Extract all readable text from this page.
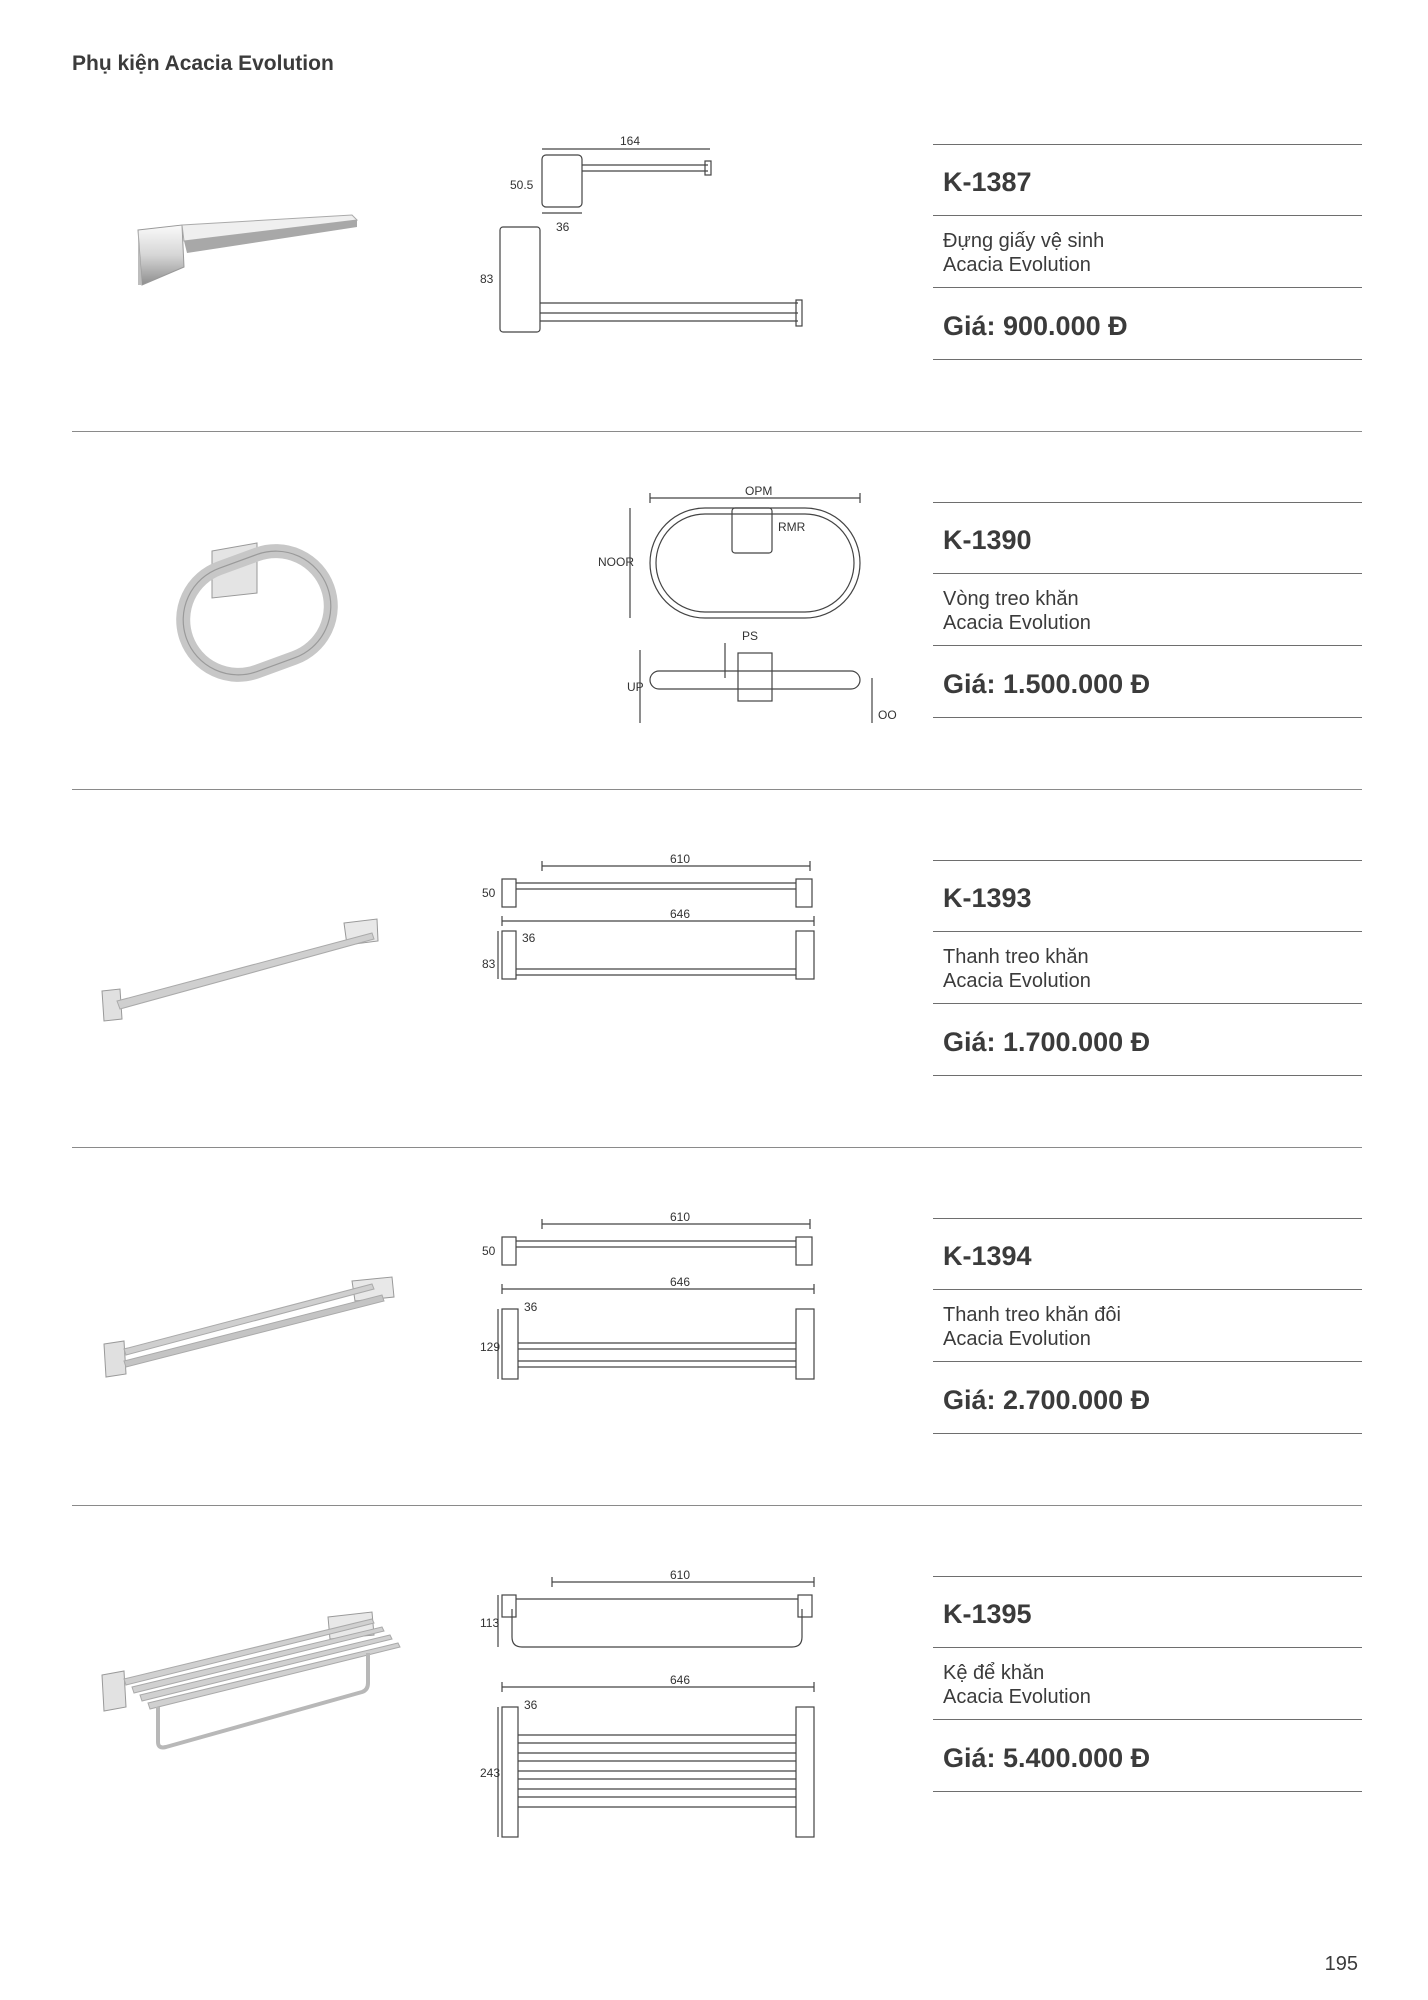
Phụ kiện Acacia Evolution
164
50.5
36
83
K-1387
Đựng giấy vệ sinh
Acacia Evolution
Giá: 900.000 Đ
OPM
RMR
NOOR
PS
UP
OO
K-1390
Vòng treo khăn
Acacia Evolution
Giá: 1.500.000 Đ
610
50
646
36
83
K-1393
Thanh treo khăn
Acacia Evolution
Giá: 1.700.000 Đ
610
50
646
36
129
K-1394
Thanh treo khăn đôi
Acacia Evolution
Giá: 2.700.000 Đ
610
113
646
36
243
K-1395
Kệ để khăn
Acacia Evolution
Giá: 5.400.000 Đ
195
